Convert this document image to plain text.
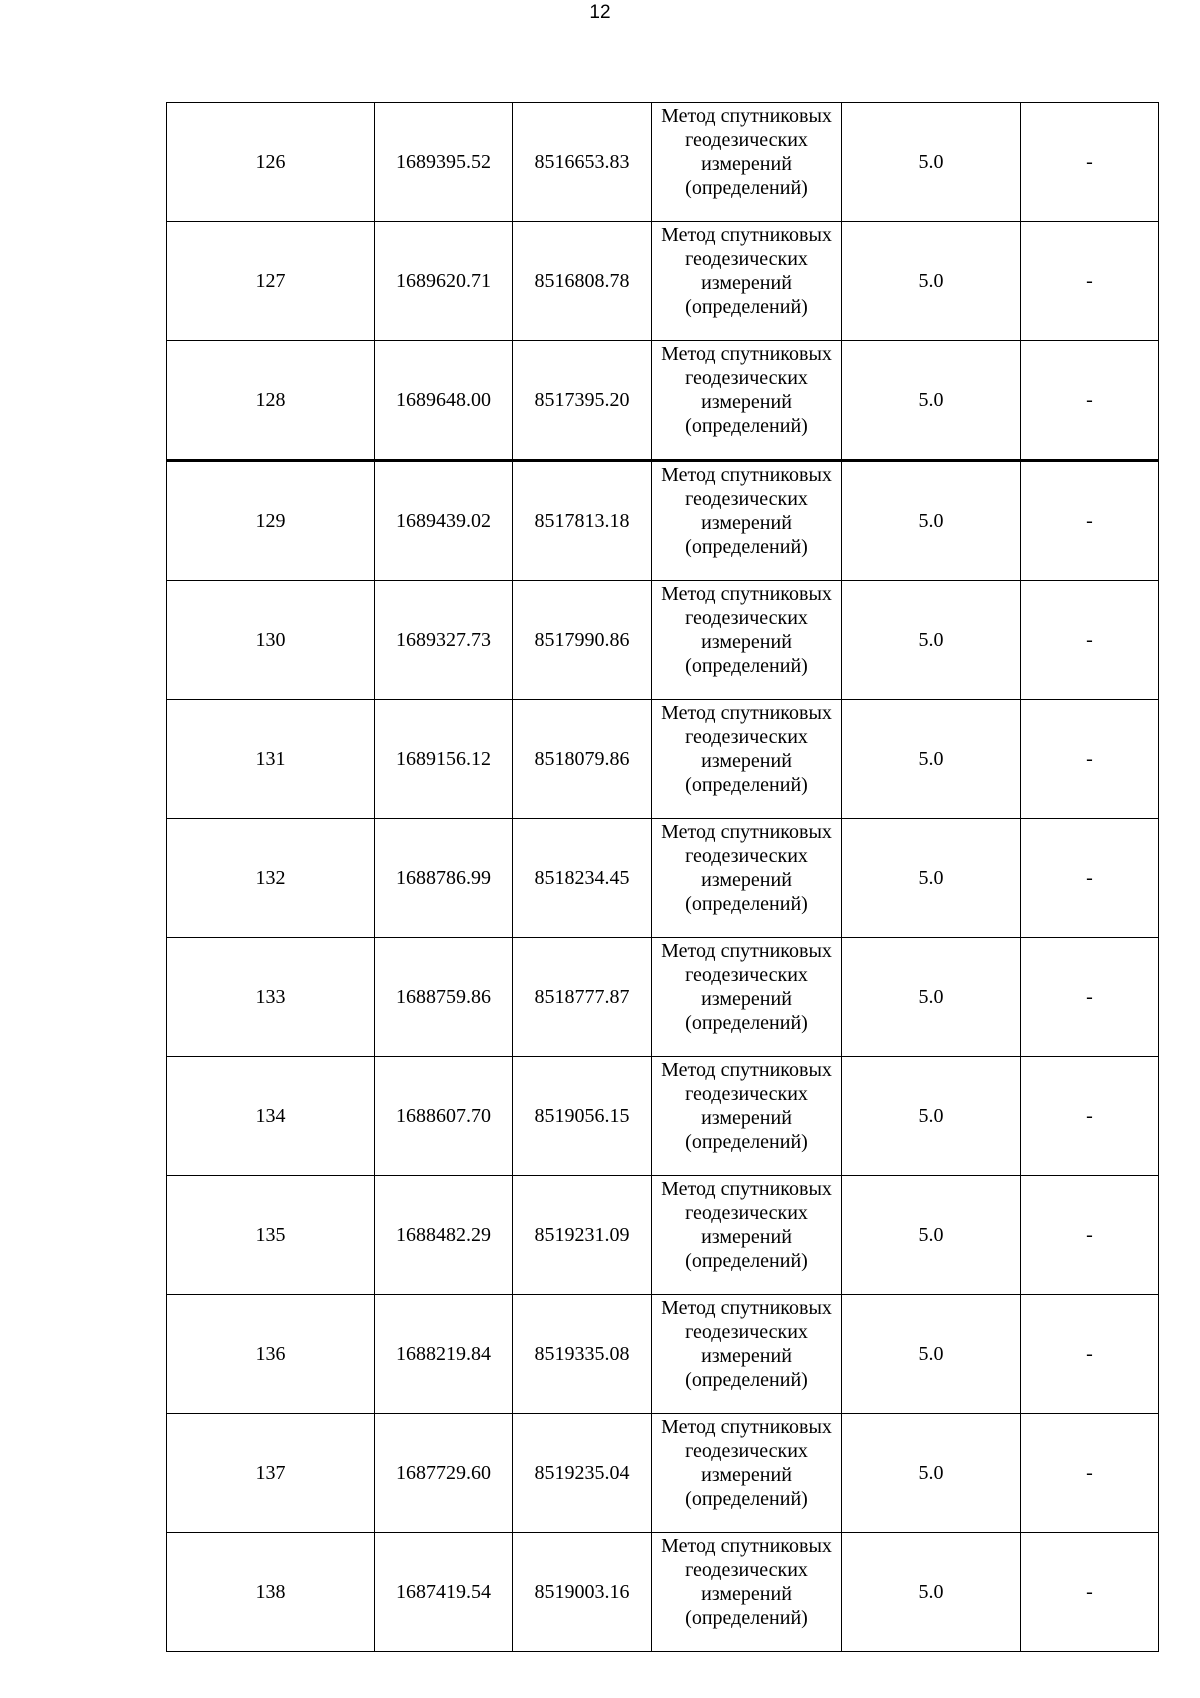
12
126	1689395.52	8516653.83	Метод спутниковых
геодезических
измерений
(определений)	5.0	-
127	1689620.71	8516808.78	Метод спутниковых
геодезических
измерений
(определений)	5.0	-
128	1689648.00	8517395.20	Метод спутниковых
геодезических
измерений
(определений)	5.0	-
129	1689439.02	8517813.18	Метод спутниковых
геодезических
измерений
(определений)	5.0	-
130	1689327.73	8517990.86	Метод спутниковых
геодезических
измерений
(определений)	5.0	-
131	1689156.12	8518079.86	Метод спутниковых
геодезических
измерений
(определений)	5.0	-
132	1688786.99	8518234.45	Метод спутниковых
геодезических
измерений
(определений)	5.0	-
133	1688759.86	8518777.87	Метод спутниковых
геодезических
измерений
(определений)	5.0	-
134	1688607.70	8519056.15	Метод спутниковых
геодезических
измерений
(определений)	5.0	-
135	1688482.29	8519231.09	Метод спутниковых
геодезических
измерений
(определений)	5.0	-
136	1688219.84	8519335.08	Метод спутниковых
геодезических
измерений
(определений)	5.0	-
137	1687729.60	8519235.04	Метод спутниковых
геодезических
измерений
(определений)	5.0	-
138	1687419.54	8519003.16	Метод спутниковых
геодезических
измерений
(определений)	5.0	-
